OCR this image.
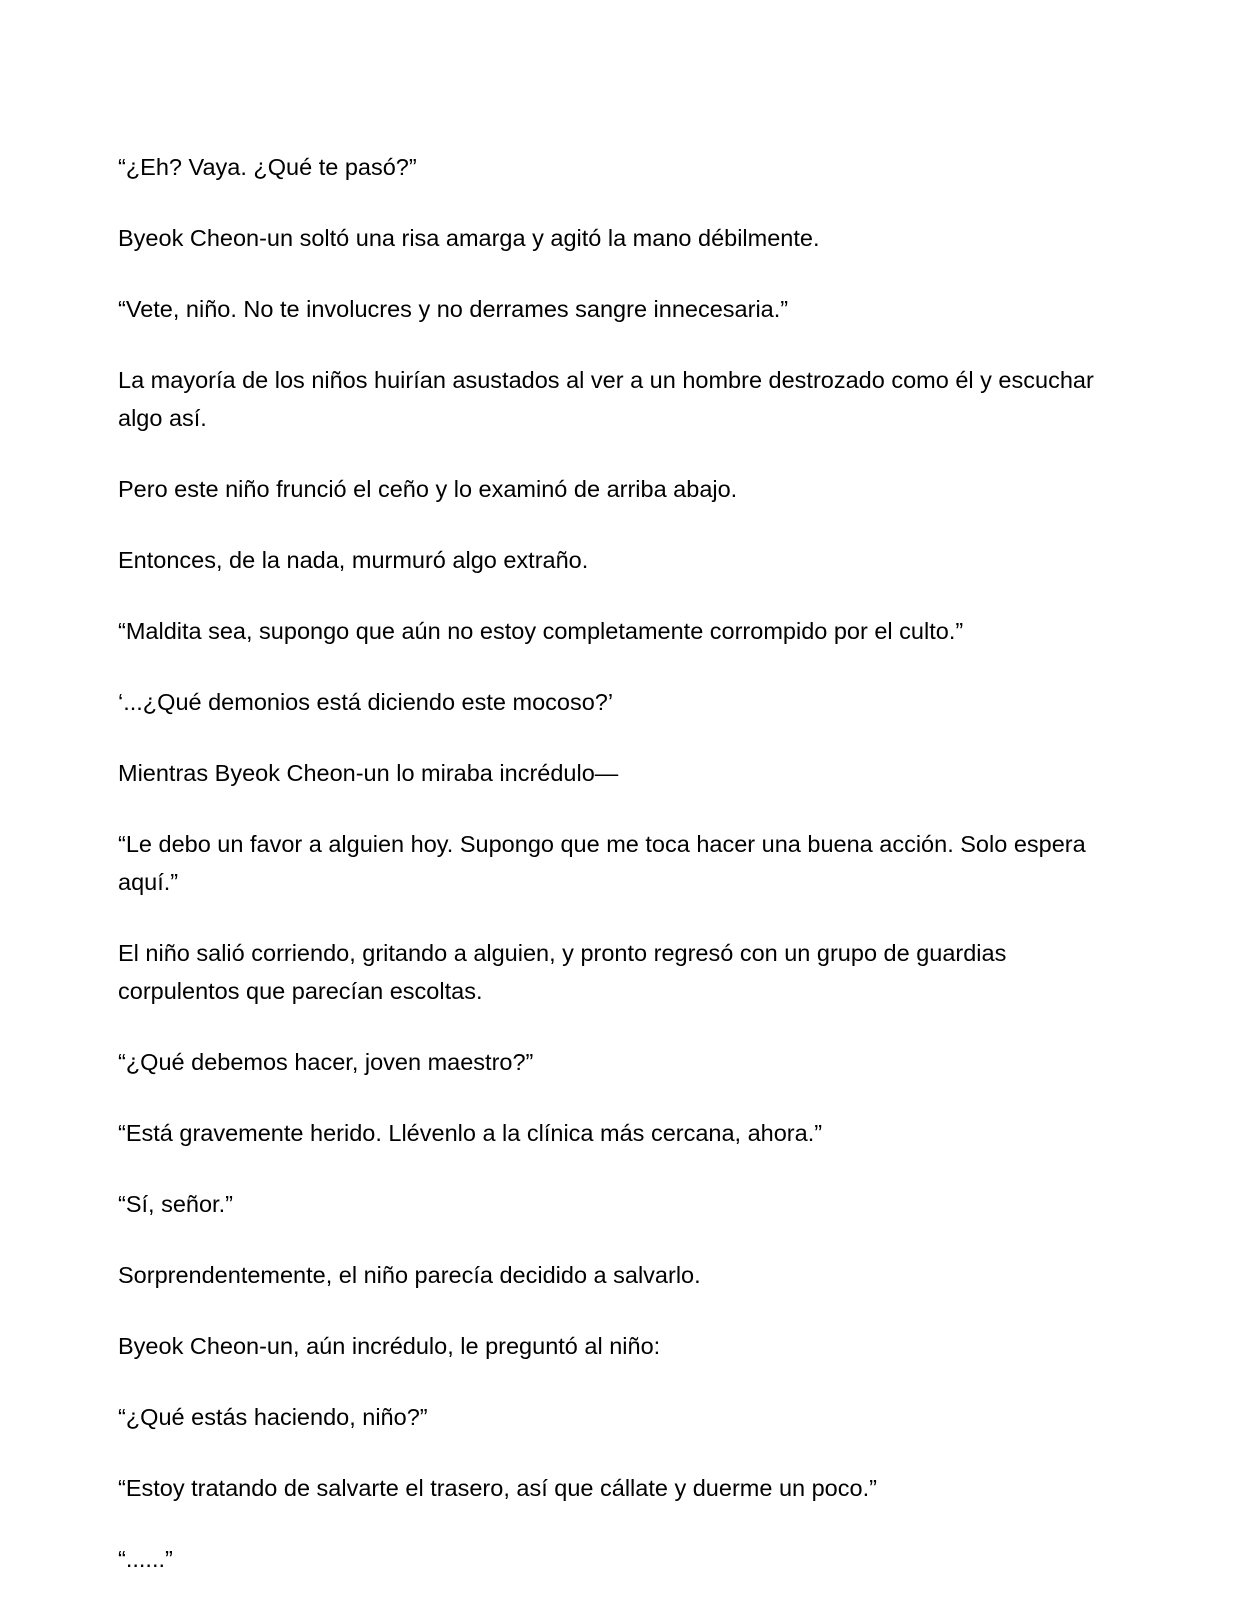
“¿Eh? Vaya. ¿Qué te pasó?”

Byeok Cheon-un soltó una risa amarga y agitó la mano débilmente.

“Vete, niño. No te involucres y no derrames sangre innecesaria.”

La mayoría de los niños huirían asustados al ver a un hombre destrozado como él y escuchar algo así.

Pero este niño frunció el ceño y lo examinó de arriba abajo.

Entonces, de la nada, murmuró algo extraño.

“Maldita sea, supongo que aún no estoy completamente corrompido por el culto.”

‘...¿Qué demonios está diciendo este mocoso?’

Mientras Byeok Cheon-un lo miraba incrédulo—

“Le debo un favor a alguien hoy. Supongo que me toca hacer una buena acción. Solo espera aquí.”

El niño salió corriendo, gritando a alguien, y pronto regresó con un grupo de guardias corpulentos que parecían escoltas.

“¿Qué debemos hacer, joven maestro?”

“Está gravemente herido. Llévenlo a la clínica más cercana, ahora.”

“Sí, señor.”

Sorprendentemente, el niño parecía decidido a salvarlo.

Byeok Cheon-un, aún incrédulo, le preguntó al niño:

“¿Qué estás haciendo, niño?”

“Estoy tratando de salvarte el trasero, así que cállate y duerme un poco.”

“......”
